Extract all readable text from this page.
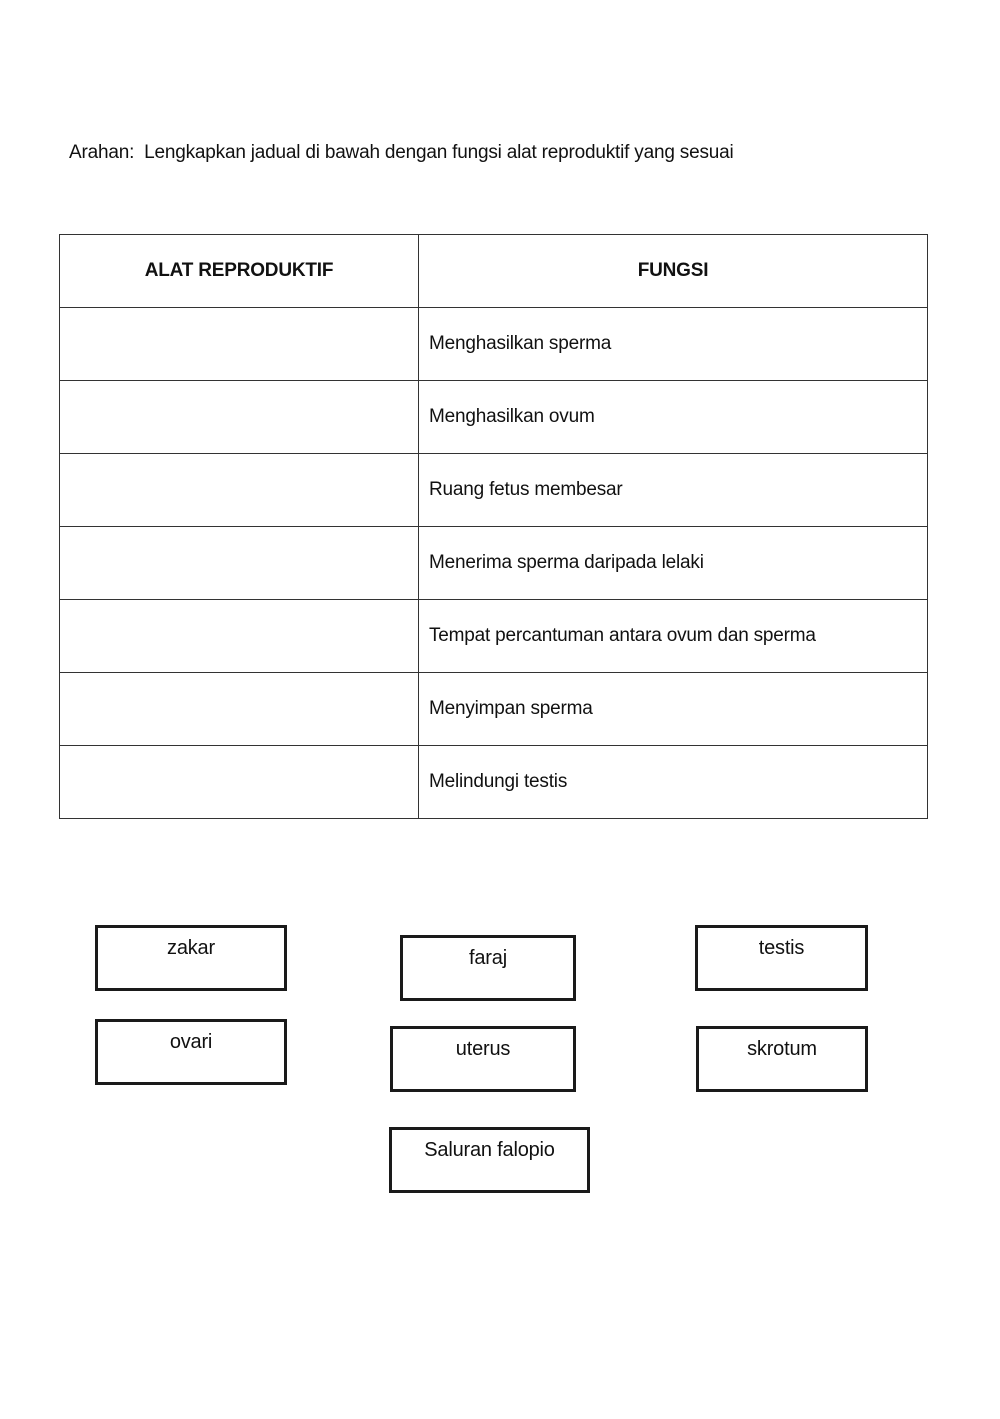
Arahan: Lengkapkan jadual di bawah dengan fungsi alat reproduktif yang sesuai
ALAT REPRODUKTIF	FUNGSI
	Menghasilkan sperma
	Menghasilkan ovum
	Ruang fetus membesar
	Menerima sperma daripada lelaki
	Tempat percantuman antara ovum dan sperma
	Menyimpan sperma
	Melindungi testis
zakar	faraj	testis
ovari	uterus	skrotum
Saluran falopio
